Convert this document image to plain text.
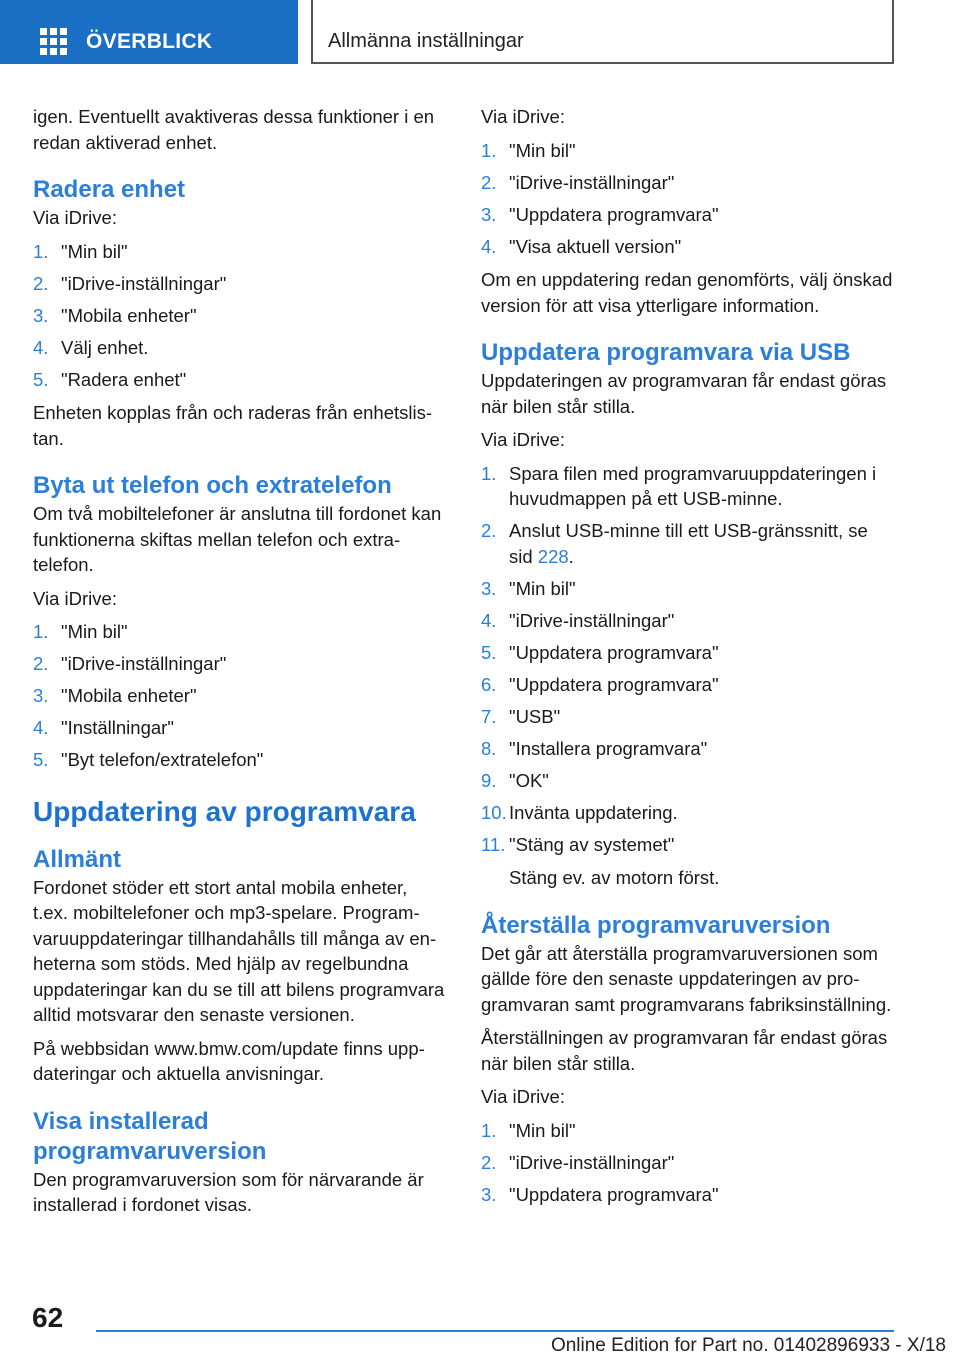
ÖVERBLICK	Allmänna inställningar

igen. Eventuellt avaktiveras dessa funktioner i en redan aktiverad enhet.

Radera enhet

Via iDrive:

1. "Min bil"
2. "iDrive-inställningar"
3. "Mobila enheter"
4. Välj enhet.
5. "Radera enhet"

Enheten kopplas från och raderas från enhetslistan.

Byta ut telefon och extratelefon

Om två mobiltelefoner är anslutna till fordonet kan funktionerna skiftas mellan telefon och extratelefon.

Via iDrive:

1. "Min bil"
2. "iDrive-inställningar"
3. "Mobila enheter"
4. "Inställningar"
5. "Byt telefon/extratelefon"
Uppdatering av programvara
Allmänt

Fordonet stöder ett stort antal mobila enheter, t.ex. mobiltelefoner och mp3-spelare. Programvaruuppdateringar tillhandahålls till många av enheterna som stöds. Med hjälp av regelbundna uppdateringar kan du se till att bilens programvara alltid motsvarar den senaste versionen.

På webbsidan www.bmw.com/update finns uppdateringar och aktuella anvisningar.

Visa installerad programvaruversion

Den programvaruversion som för närvarande är installerad i fordonet visas.

Via iDrive:

1. "Min bil"
2. "iDrive-inställningar"
3. "Uppdatera programvara"
4. "Visa aktuell version"

Om en uppdatering redan genomförts, välj önskad version för att visa ytterligare information.

Uppdatera programvara via USB

Uppdateringen av programvaran får endast göras när bilen står stilla.

Via iDrive:

1. Spara filen med programvaruuppdateringen i huvudmappen på ett USB-minne.
2. Anslut USB-minne till ett USB-gränssnitt, se sid 228.
3. "Min bil"
4. "iDrive-inställningar"
5. "Uppdatera programvara"
6. "Uppdatera programvara"
7. "USB"
8. "Installera programvara"
9. "OK"
10. Invänta uppdatering.
11. "Stäng av systemet"

Stäng ev. av motorn först.

Återställa programvaruversion

Det går att återställa programvaruversionen som gällde före den senaste uppdateringen av programvaran samt programvarans fabriksinställning.

Återställningen av programvaran får endast göras när bilen står stilla.

Via iDrive:

1. "Min bil"
2. "iDrive-inställningar"
3. "Uppdatera programvara"
62
Online Edition for Part no. 01402896933 - X/18
